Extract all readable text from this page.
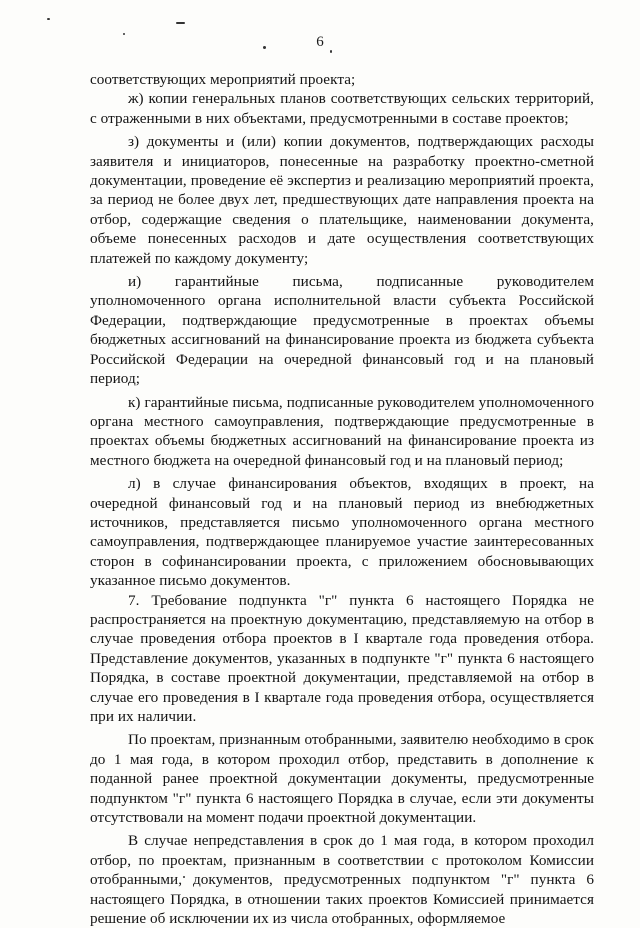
6

соответствующих мероприятий проекта;

ж) копии генеральных планов соответствующих сельских территорий, с отраженными в них объектами, предусмотренными в составе проектов;

з) документы и (или) копии документов, подтверждающих расходы заявителя и инициаторов, понесенные на разработку проектно-сметной документации, проведение её экспертиз и реализацию мероприятий проекта, за период не более двух лет, предшествующих дате направления проекта на отбор, содержащие сведения о плательщике, наименовании документа, объеме понесенных расходов и дате осуществления соответствующих платежей по каждому документу;

и) гарантийные письма, подписанные руководителем уполномоченного органа исполнительной власти субъекта Российской Федерации, подтверждающие предусмотренные в проектах объемы бюджетных ассигнований на финансирование проекта из бюджета субъекта Российской Федерации на очередной финансовый год и на плановый период;

к) гарантийные письма, подписанные руководителем уполномоченного органа местного самоуправления, подтверждающие предусмотренные в проектах объемы бюджетных ассигнований на финансирование проекта из местного бюджета на очередной финансовый год и на плановый период;

л) в случае финансирования объектов, входящих в проект, на очередной финансовый год и на плановый период из внебюджетных источников, представляется письмо уполномоченного органа местного самоуправления, подтверждающее планируемое участие заинтересованных сторон в софинансировании проекта, с приложением обосновывающих указанное письмо документов.

7. Требование подпункта "г" пункта 6 настоящего Порядка не распространяется на проектную документацию, представляемую на отбор в случае проведения отбора проектов в I квартале года проведения отбора. Представление документов, указанных в подпункте "г" пункта 6 настоящего Порядка, в составе проектной документации, представляемой на отбор в случае его проведения в I квартале года проведения отбора, осуществляется при их наличии.

По проектам, признанным отобранными, заявителю необходимо в срок до 1 мая года, в котором проходил отбор, представить в дополнение к поданной ранее проектной документации документы, предусмотренные подпунктом "г" пункта 6 настоящего Порядка в случае, если эти документы отсутствовали на момент подачи проектной документации.

В случае непредставления в срок до 1 мая года, в котором проходил отбор, по проектам, признанным в соответствии с протоколом Комиссии отобранными, документов, предусмотренных подпунктом "г" пункта 6 настоящего Порядка, в отношении таких проектов Комиссией принимается решение об исключении их из числа отобранных, оформляемое
